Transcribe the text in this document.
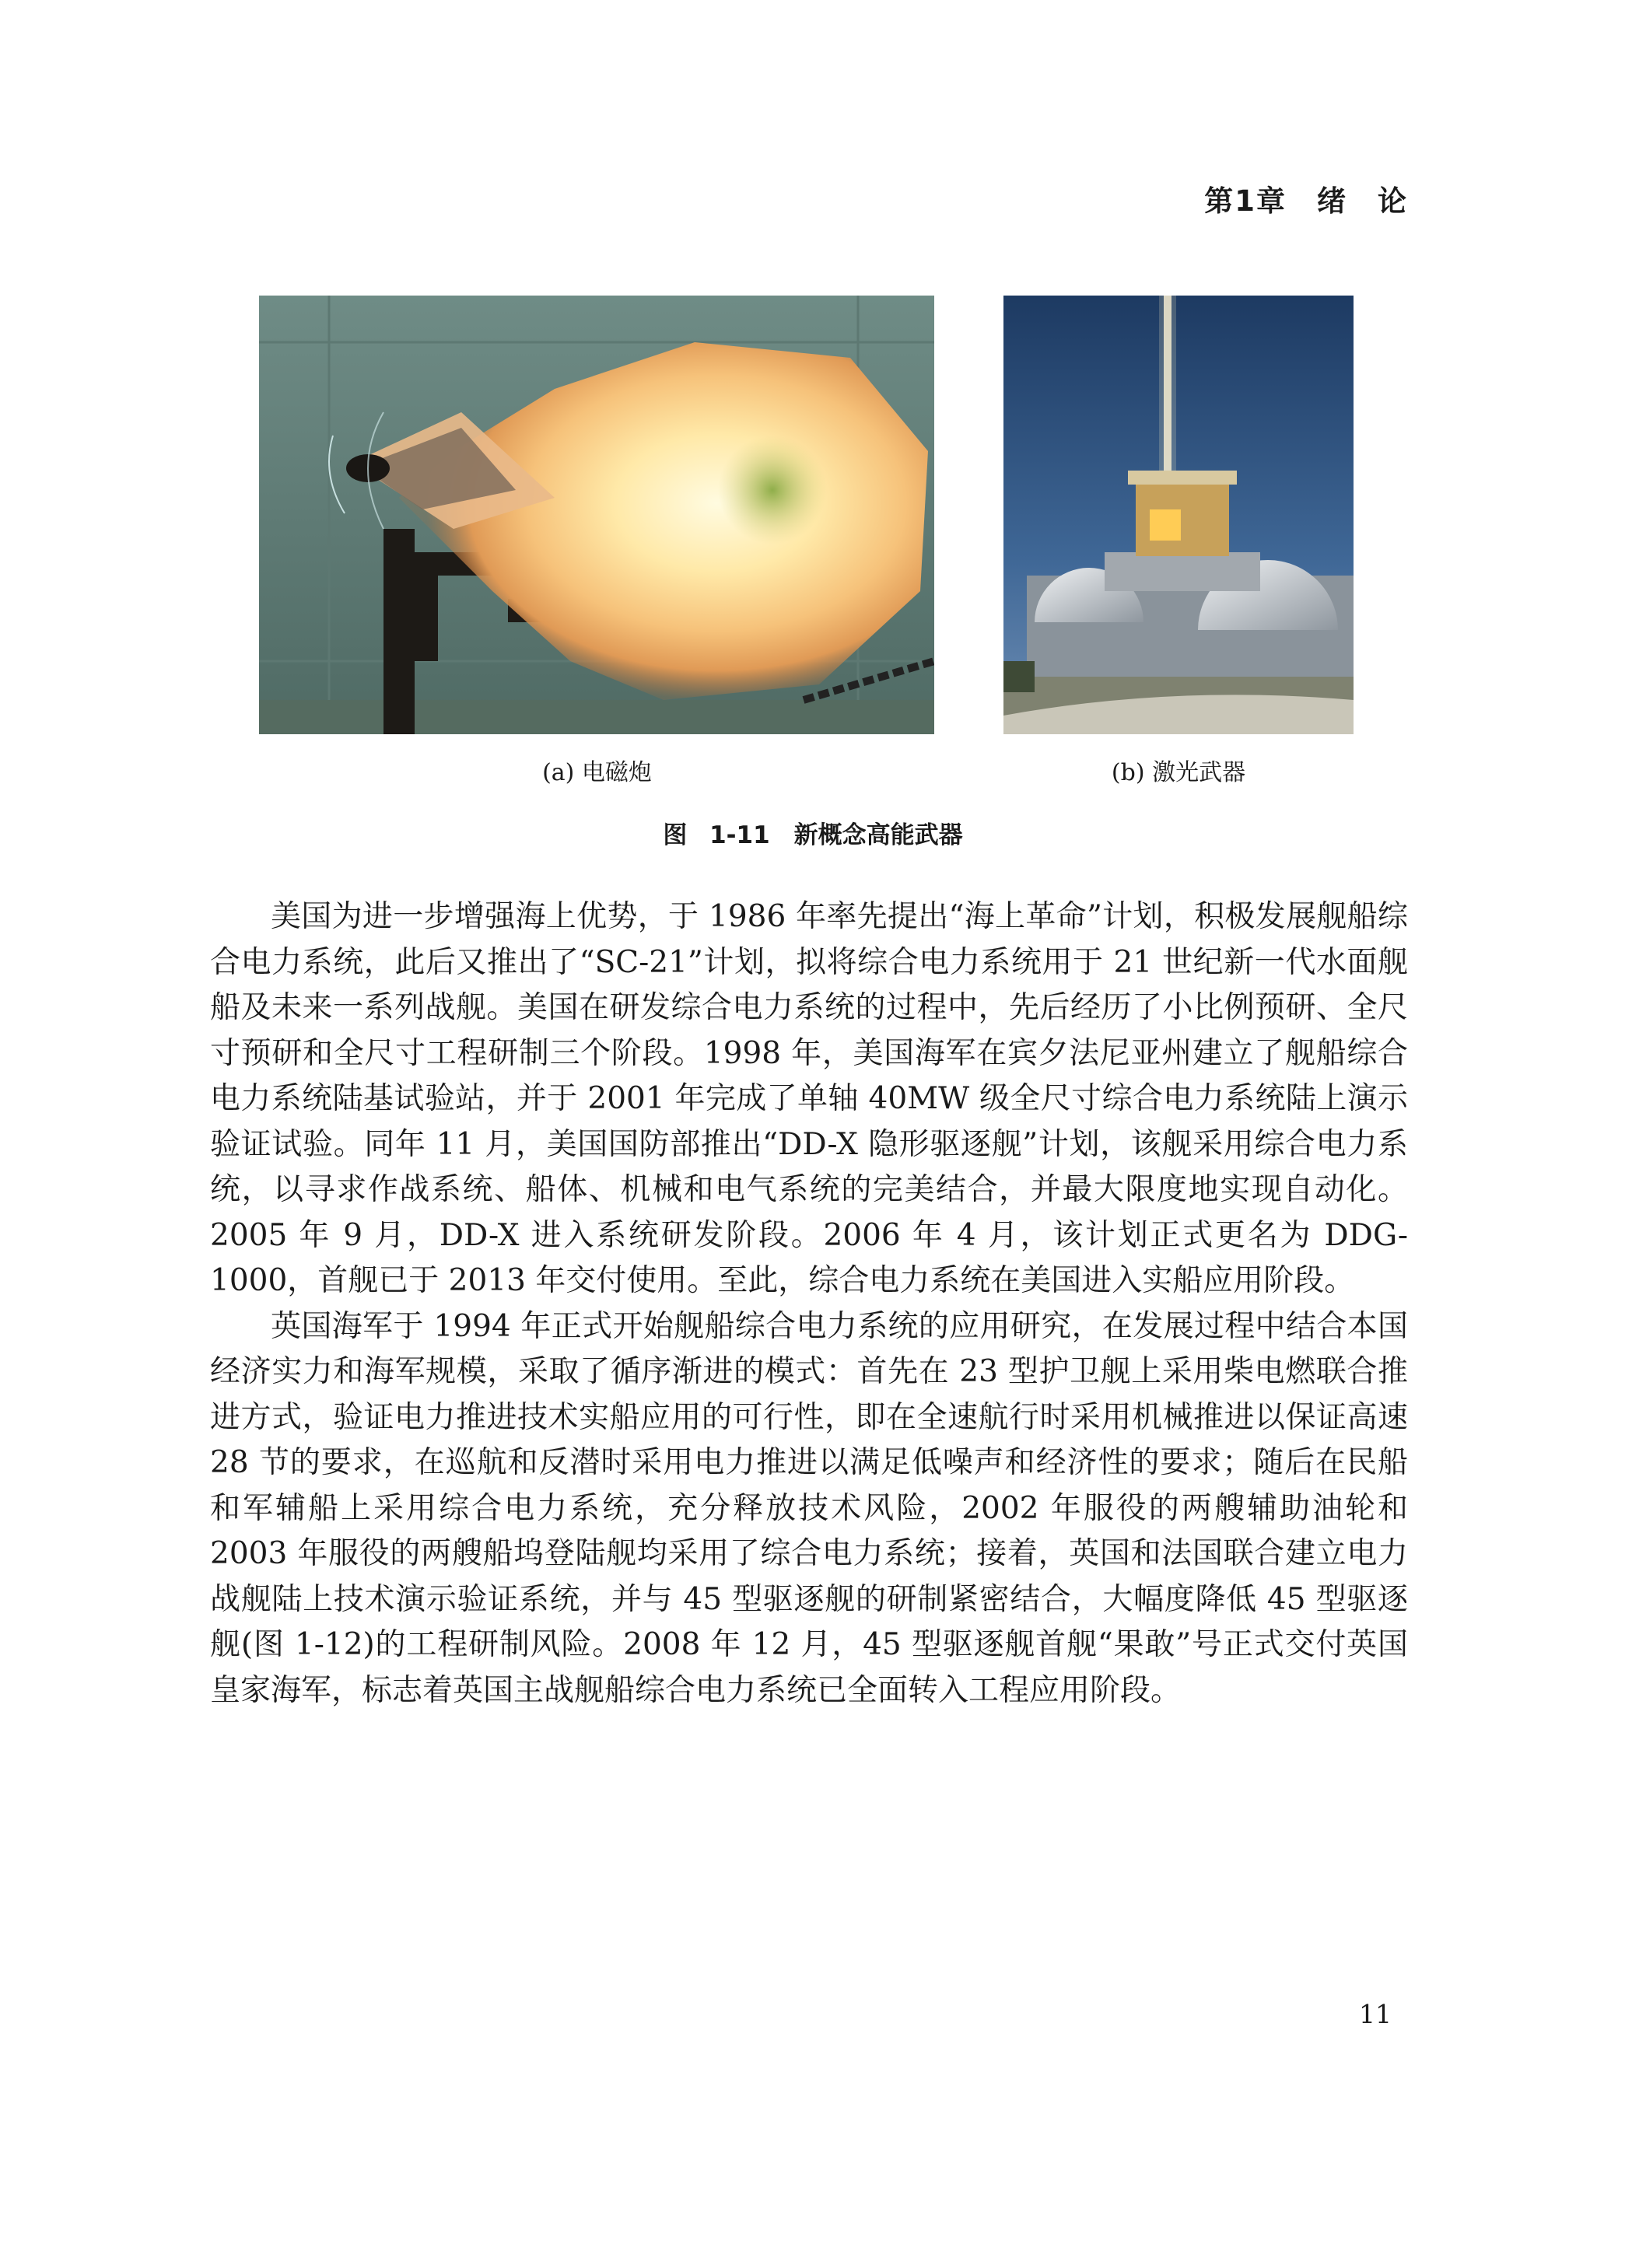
第1章　绪　论
(a) 电磁炮	(b) 激光武器
图 1-11　新概念高能武器

美国为进一步增强海上优势，于 1986 年率先提出“海上革命”计划，积极发展舰船综合电力系统，此后又推出了“SC-21”计划，拟将综合电力系统用于 21 世纪新一代水面舰船及未来一系列战舰。美国在研发综合电力系统的过程中，先后经历了小比例预研、全尺寸预研和全尺寸工程研制三个阶段。1998 年，美国海军在宾夕法尼亚州建立了舰船综合电力系统陆基试验站，并于 2001 年完成了单轴 40MW 级全尺寸综合电力系统陆上演示验证试验。同年 11 月，美国国防部推出“DD-X 隐形驱逐舰”计划，该舰采用综合电力系统，以寻求作战系统、船体、机械和电气系统的完美结合，并最大限度地实现自动化。2005 年 9 月，DD-X 进入系统研发阶段。2006 年 4 月，该计划正式更名为 DDG-1000，首舰已于 2013 年交付使用。至此，综合电力系统在美国进入实船应用阶段。

英国海军于 1994 年正式开始舰船综合电力系统的应用研究，在发展过程中结合本国经济实力和海军规模，采取了循序渐进的模式：首先在 23 型护卫舰上采用柴电燃联合推进方式，验证电力推进技术实船应用的可行性，即在全速航行时采用机械推进以保证高速 28 节的要求，在巡航和反潜时采用电力推进以满足低噪声和经济性的要求；随后在民船和军辅船上采用综合电力系统，充分释放技术风险，2002 年服役的两艘辅助油轮和 2003 年服役的两艘船坞登陆舰均采用了综合电力系统；接着，英国和法国联合建立电力战舰陆上技术演示验证系统，并与 45 型驱逐舰的研制紧密结合，大幅度降低 45 型驱逐舰(图 1-12)的工程研制风险。2008 年 12 月，45 型驱逐舰首舰“果敢”号正式交付英国皇家海军，标志着英国主战舰船综合电力系统已全面转入工程应用阶段。

11
